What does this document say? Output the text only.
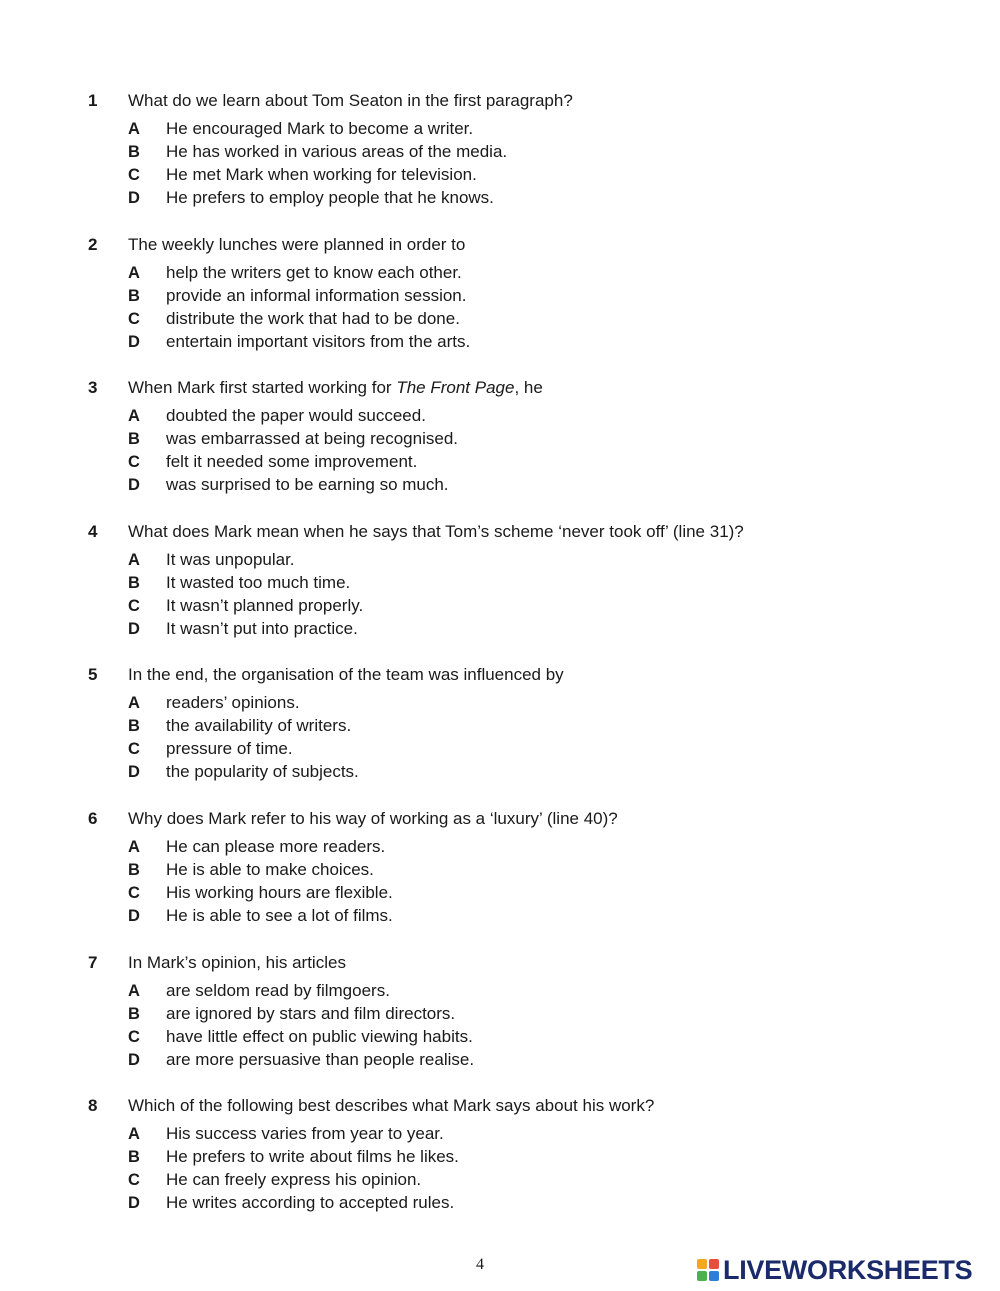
1 What do we learn about Tom Seaton in the first paragraph?
A He encouraged Mark to become a writer.
B He has worked in various areas of the media.
C He met Mark when working for television.
D He prefers to employ people that he knows.
2 The weekly lunches were planned in order to
A help the writers get to know each other.
B provide an informal information session.
C distribute the work that had to be done.
D entertain important visitors from the arts.
3 When Mark first started working for The Front Page, he
A doubted the paper would succeed.
B was embarrassed at being recognised.
C felt it needed some improvement.
D was surprised to be earning so much.
4 What does Mark mean when he says that Tom’s scheme ‘never took off’ (line 31)?
A It was unpopular.
B It wasted too much time.
C It wasn’t planned properly.
D It wasn’t put into practice.
5 In the end, the organisation of the team was influenced by
A readers’ opinions.
B the availability of writers.
C pressure of time.
D the popularity of subjects.
6 Why does Mark refer to his way of working as a ‘luxury’ (line 40)?
A He can please more readers.
B He is able to make choices.
C His working hours are flexible.
D He is able to see a lot of films.
7 In Mark’s opinion, his articles
A are seldom read by filmgoers.
B are ignored by stars and film directors.
C have little effect on public viewing habits.
D are more persuasive than people realise.
8 Which of the following best describes what Mark says about his work?
A His success varies from year to year.
B He prefers to write about films he likes.
C He can freely express his opinion.
D He writes according to accepted rules.
4	LIVEWORKSHEETS
